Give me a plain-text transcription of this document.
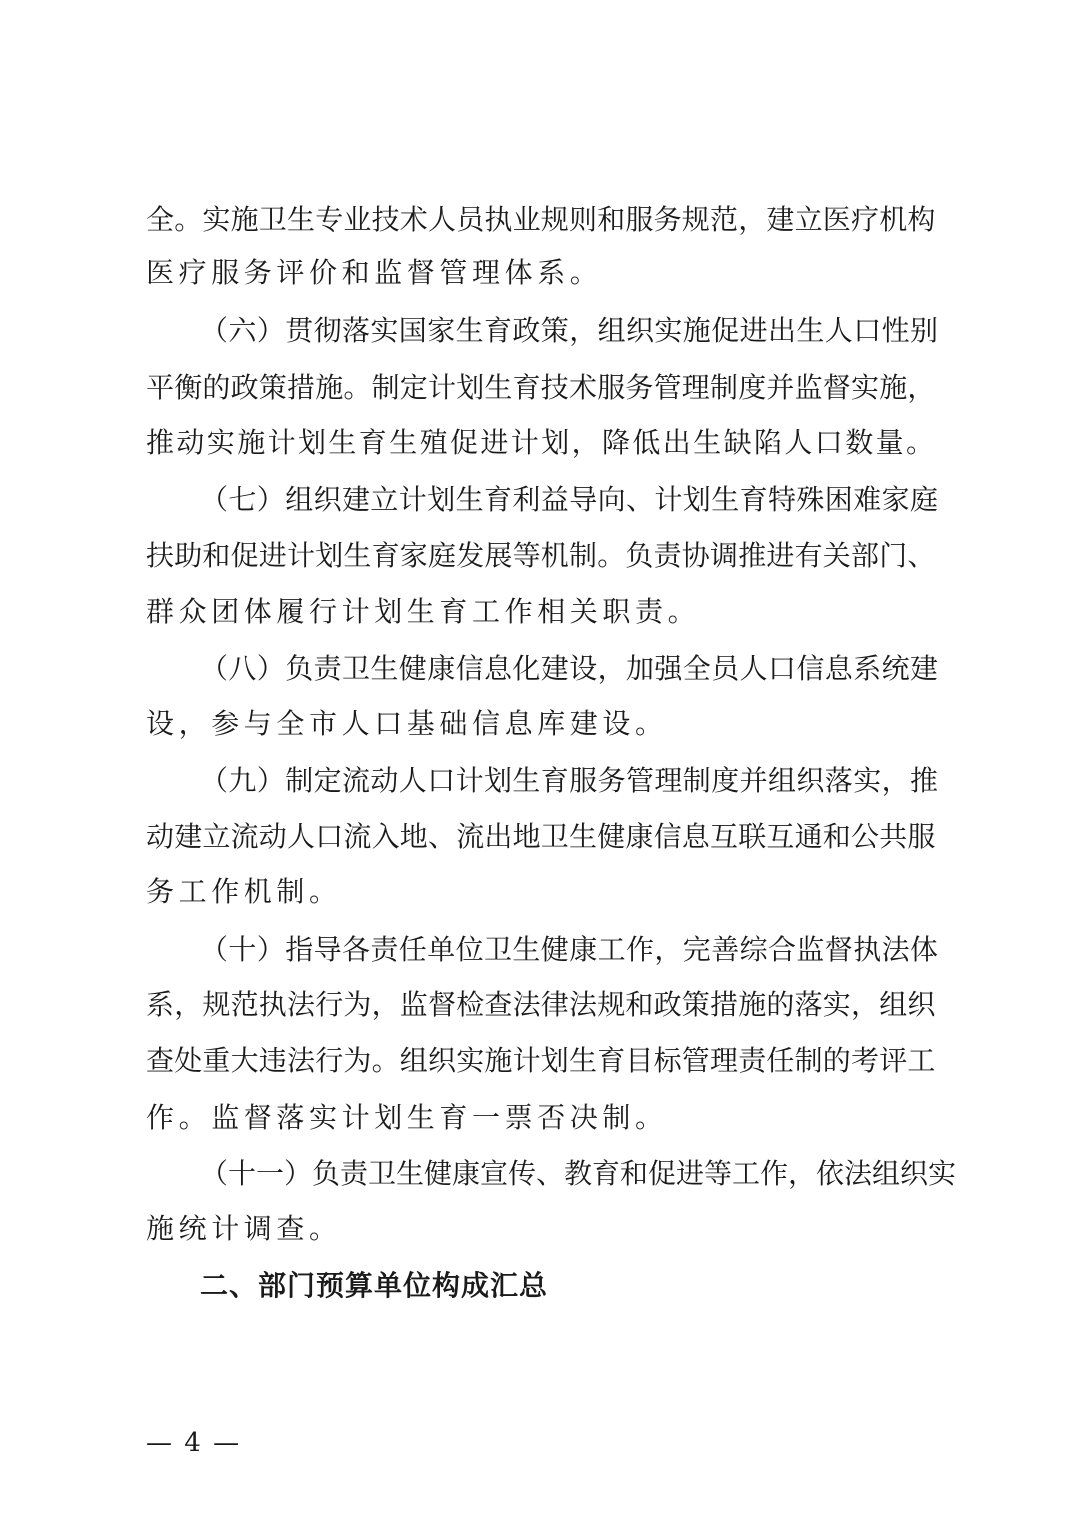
全。实施卫生专业技术人员执业规则和服务规范，建立医疗机构

医疗服务评价和监督管理体系。

（六）贯彻落实国家生育政策，组织实施促进出生人口性别

平衡的政策措施。制定计划生育技术服务管理制度并监督实施，

推动实施计划生育生殖促进计划，降低出生缺陷人口数量。

（七）组织建立计划生育利益导向、计划生育特殊困难家庭

扶助和促进计划生育家庭发展等机制。负责协调推进有关部门、

群众团体履行计划生育工作相关职责。

（八）负责卫生健康信息化建设，加强全员人口信息系统建

设，参与全市人口基础信息库建设。

（九）制定流动人口计划生育服务管理制度并组织落实，推

动建立流动人口流入地、流出地卫生健康信息互联互通和公共服

务工作机制。

（十）指导各责任单位卫生健康工作，完善综合监督执法体

系，规范执法行为，监督检查法律法规和政策措施的落实，组织

查处重大违法行为。组织实施计划生育目标管理责任制的考评工

作。监督落实计划生育一票否决制。

（十一）负责卫生健康宣传、教育和促进等工作，依法组织实

施统计调查。

二、部门预算单位构成汇总
— 4 —
